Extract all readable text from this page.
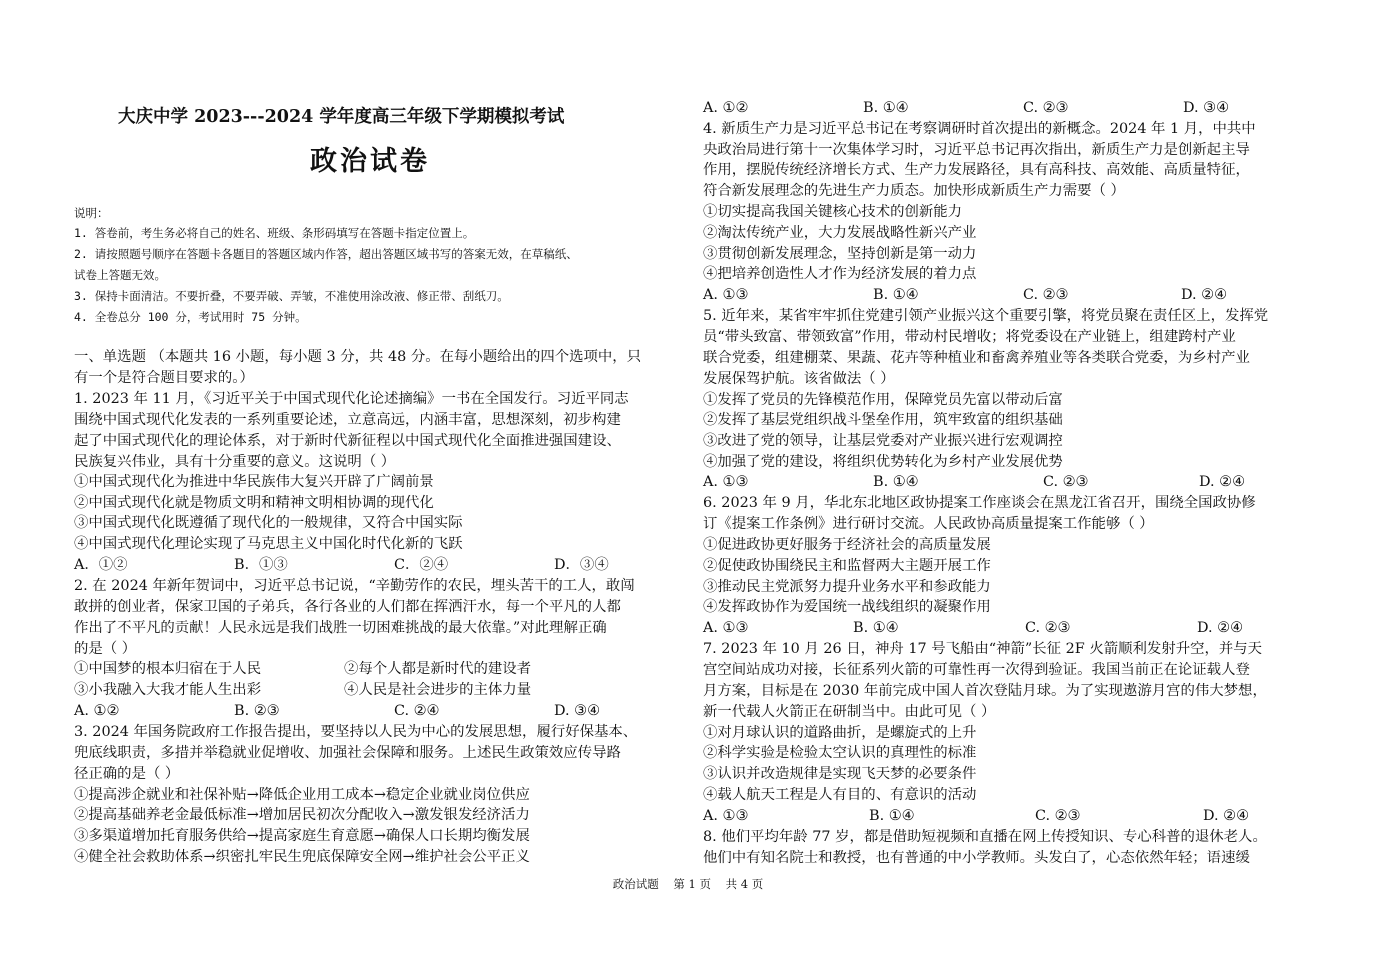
大庆中学 2023---2024 学年度高三年级下学期模拟考试
政治试卷
说明：
1. 答卷前，考生务必将自己的姓名、班级、条形码填写在答题卡指定位置上。
2. 请按照题号顺序在答题卡各题目的答题区域内作答，超出答题区域书写的答案无效，在草稿纸、
试卷上答题无效。
3. 保持卡面清洁。不要折叠，不要弄破、弄皱，不准使用涂改液、修正带、刮纸刀。
4. 全卷总分 100 分，考试用时 75 分钟。
一、单选题 （本题共 16 小题，每小题 3 分，共 48 分。在每小题给出的四个选项中，只
有一个是符合题目要求的。）
1. 2023 年 11 月，《习近平关于中国式现代化论述摘编》一书在全国发行。习近平同志
围绕中国式现代化发表的一系列重要论述，立意高远，内涵丰富，思想深刻，初步构建
起了中国式现代化的理论体系，对于新时代新征程以中国式现代化全面推进强国建设、
民族复兴伟业，具有十分重要的意义。这说明（ ）
①中国式现代化为推进中华民族伟大复兴开辟了广阔前景
②中国式现代化就是物质文明和精神文明相协调的现代化
③中国式现代化既遵循了现代化的一般规律，又符合中国实际
④中国式现代化理论实现了马克思主义中国化时代化新的飞跃
A．①②	B．①③	C．②④	D．③④
2. 在 2024 年新年贺词中，习近平总书记说，“辛勤劳作的农民，埋头苦干的工人，敢闯
敢拼的创业者，保家卫国的子弟兵，各行各业的人们都在挥洒汗水，每一个平凡的人都
作出了不平凡的贡献！人民永远是我们战胜一切困难挑战的最大依靠。”对此理解正确
的是（ ）
①中国梦的根本归宿在于人民	②每个人都是新时代的建设者
③小我融入大我才能人生出彩	④人民是社会进步的主体力量
A. ①②	B. ②③	C. ②④	D. ③④
3. 2024 年国务院政府工作报告提出，要坚持以人民为中心的发展思想，履行好保基本、
兜底线职责，多措并举稳就业促增收、加强社会保障和服务。上述民生政策效应传导路
径正确的是（ ）
①提高涉企就业和社保补贴→降低企业用工成本→稳定企业就业岗位供应
②提高基础养老金最低标准→增加居民初次分配收入→激发银发经济活力
③多渠道增加托育服务供给→提高家庭生育意愿→确保人口长期均衡发展
④健全社会救助体系→织密扎牢民生兜底保障安全网→维护社会公平正义
A. ①②	B. ①④	C. ②③	D. ③④
4. 新质生产力是习近平总书记在考察调研时首次提出的新概念。2024 年 1 月，中共中
央政治局进行第十一次集体学习时，习近平总书记再次指出，新质生产力是创新起主导
作用，摆脱传统经济增长方式、生产力发展路径，具有高科技、高效能、高质量特征，
符合新发展理念的先进生产力质态。加快形成新质生产力需要（ ）
①切实提高我国关键核心技术的创新能力
②淘汰传统产业，大力发展战略性新兴产业
③贯彻创新发展理念，坚持创新是第一动力
④把培养创造性人才作为经济发展的着力点
A. ①③	B. ①④	C. ②③	D. ②④
5. 近年来，某省牢牢抓住党建引领产业振兴这个重要引擎，将党员聚在责任区上，发挥党
员“带头致富、带领致富”作用，带动村民增收；将党委设在产业链上，组建跨村产业
联合党委，组建棚菜、果蔬、花卉等种植业和畜禽养殖业等各类联合党委，为乡村产业
发展保驾护航。该省做法（ ）
①发挥了党员的先锋模范作用，保障党员先富以带动后富
②发挥了基层党组织战斗堡垒作用，筑牢致富的组织基础
③改进了党的领导，让基层党委对产业振兴进行宏观调控
④加强了党的建设，将组织优势转化为乡村产业发展优势
A. ①③	B. ①④	C. ②③	D. ②④
6. 2023 年 9 月，华北东北地区政协提案工作座谈会在黑龙江省召开，围绕全国政协修
订《提案工作条例》进行研讨交流。人民政协高质量提案工作能够（ ）
①促进政协更好服务于经济社会的高质量发展
②促使政协围绕民主和监督两大主题开展工作
③推动民主党派努力提升业务水平和参政能力
④发挥政协作为爱国统一战线组织的凝聚作用
A. ①③	B. ①④	C. ②③	D. ②④
7. 2023 年 10 月 26 日，神舟 17 号飞船由“神箭”长征 2F 火箭顺利发射升空，并与天
宫空间站成功对接，长征系列火箭的可靠性再一次得到验证。我国当前正在论证载人登
月方案，目标是在 2030 年前完成中国人首次登陆月球。为了实现遨游月宫的伟大梦想，
新一代载人火箭正在研制当中。由此可见（ ）
①对月球认识的道路曲折，是螺旋式的上升
②科学实验是检验太空认识的真理性的标准
③认识并改造规律是实现飞天梦的必要条件
④载人航天工程是人有目的、有意识的活动
A. ①③	B. ①④	C. ②③	D. ②④
8. 他们平均年龄 77 岁，都是借助短视频和直播在网上传授知识、专心科普的退休老人。
他们中有知名院士和教授，也有普通的中小学教师。头发白了，心态依然年轻；语速缓
政治试题    第 1 页    共 4 页
